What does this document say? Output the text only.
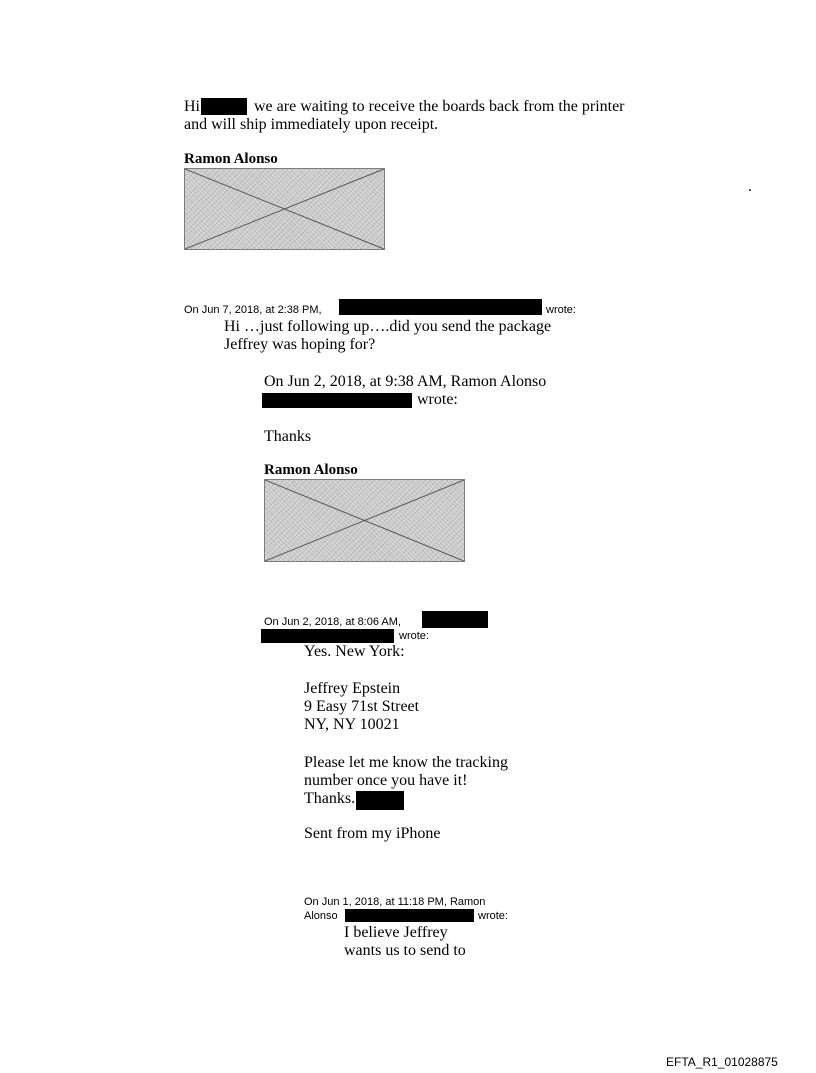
Hi	we are waiting to receive the boards back from the printer
and will ship immediately upon receipt.
Ramon Alonso
.
On Jun 7, 2018, at 2:38 PM,	wrote:
Hi …just following up….did you send the package
Jeffrey was hoping for?
On Jun 2, 2018, at 9:38 AM, Ramon Alonso
wrote:
Thanks
Ramon Alonso
On Jun 2, 2018, at 8:06 AM,
wrote:
Yes. New York:
Jeffrey Epstein
9 Easy 71st Street
NY, NY 10021
Please let me know the tracking
number once you have it!
Thanks.
Sent from my iPhone
On Jun 1, 2018, at 11:18 PM, Ramon
Alonso	wrote:
I believe Jeffrey
wants us to send to
EFTA_R1_01028875
